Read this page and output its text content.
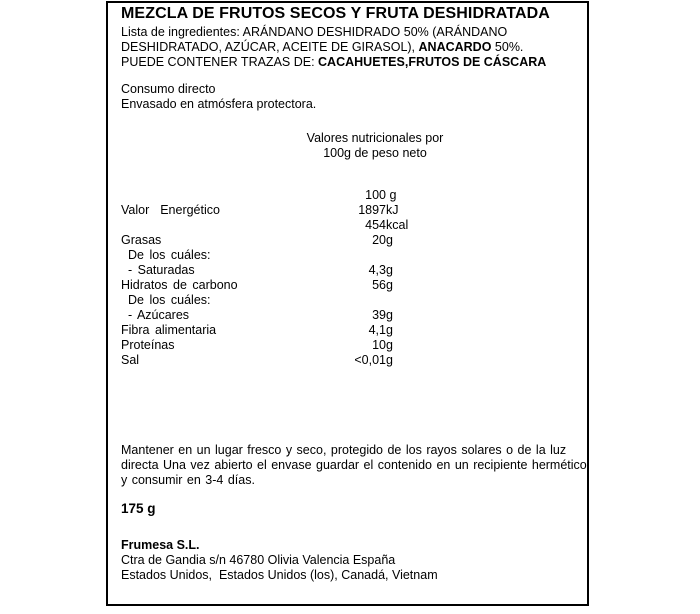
MEZCLA DE FRUTOS SECOS Y FRUTA DESHIDRATADA
Lista de ingredientes: ARÁNDANO DESHIDRADO 50% (ARÁNDANO
DESHIDRATADO, AZÚCAR, ACEITE DE GIRASOL), ANACARDO 50%.
PUEDE CONTENER TRAZAS DE: CACAHUETES,FRUTOS DE CÁSCARA
Consumo directo
Envasado en atmósfera protectora.
Valores nutricionales por
100g de peso neto
100 g
Valor  Energético	1897 kJ
454 kcal
Grasas	20 g
De los cuáles:
- Saturadas	4,3 g
Hidratos de carbono	56 g
De los cuáles:
- Azúcares	39 g
Fibra alimentaria	4,1 g
Proteínas	10 g
Sal	<0,01 g
Mantener en un lugar fresco y seco, protegido de los rayos solares o de la luz
directa Una vez abierto el envase guardar el contenido en un recipiente hermético
y consumir en 3-4 días.
175 g
Frumesa S.L.
Ctra de Gandia s/n 46780 Olivia Valencia España
Estados Unidos,  Estados Unidos (los), Canadá, Vietnam
